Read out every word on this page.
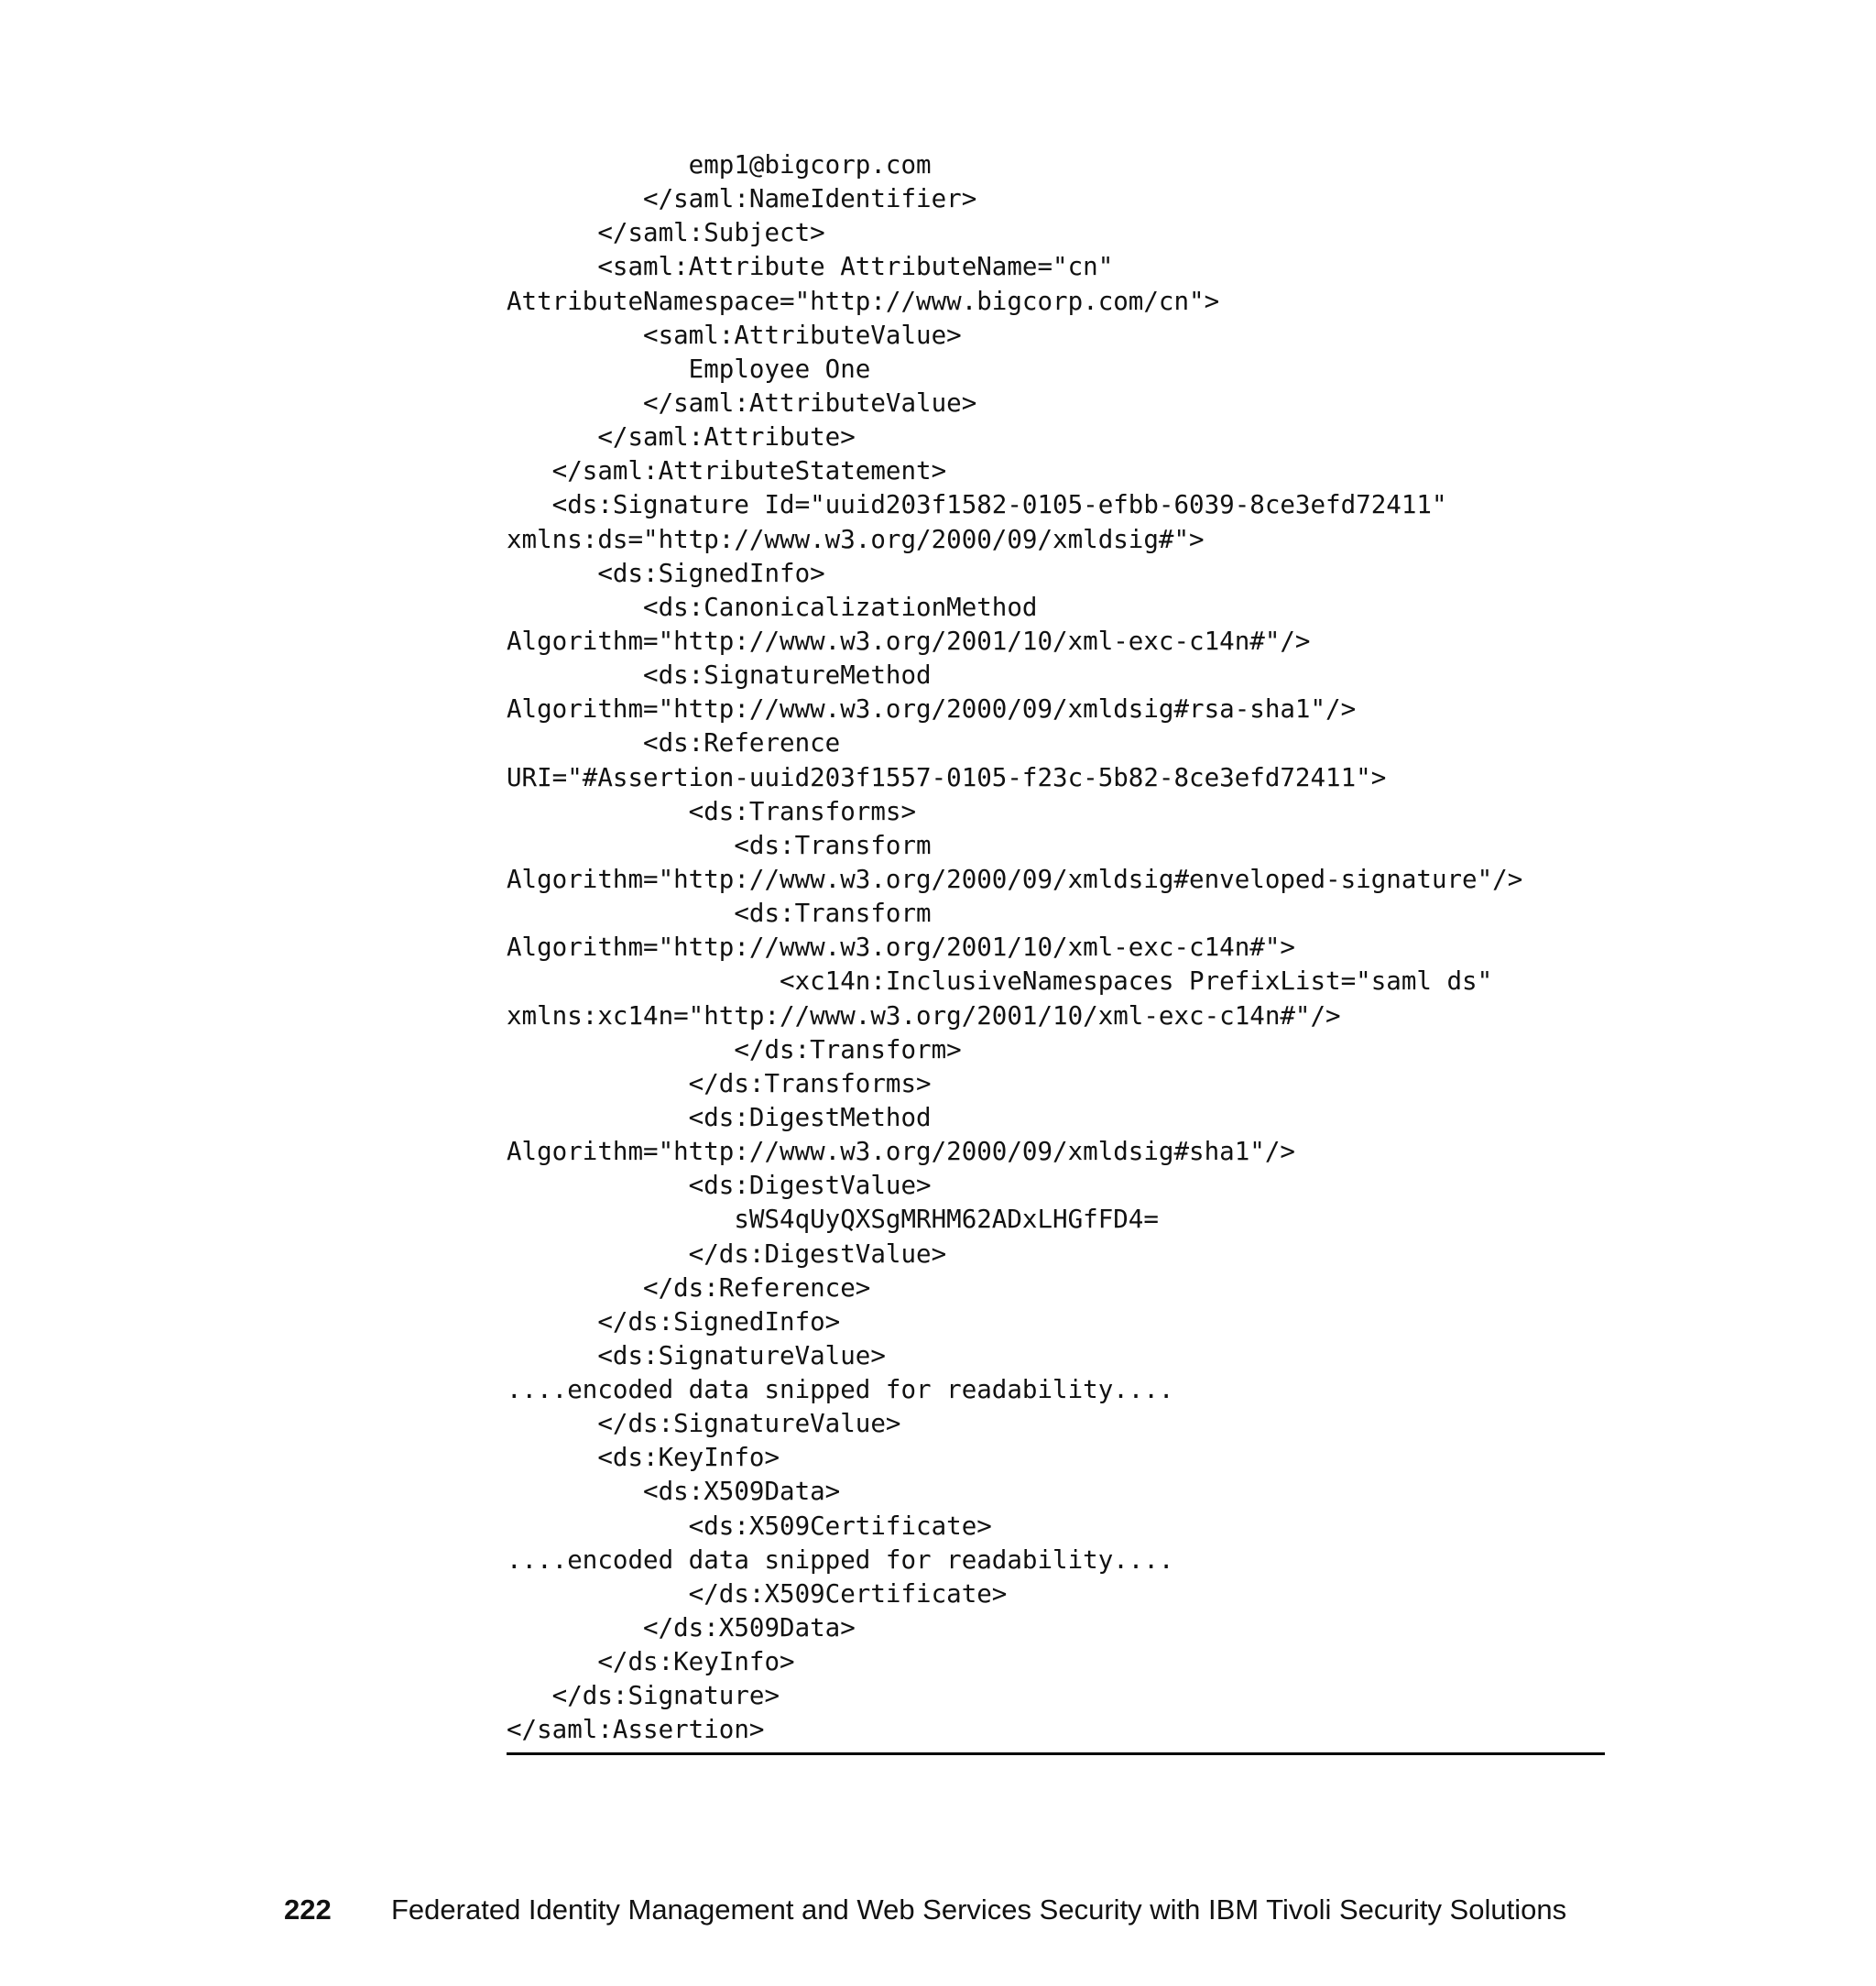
emp1@bigcorp.com
</saml:NameIdentifier>
</saml:Subject>
<saml:Attribute AttributeName="cn"
AttributeNamespace="http://www.bigcorp.com/cn">
<saml:AttributeValue>
Employee One
</saml:AttributeValue>
</saml:Attribute>
</saml:AttributeStatement>
<ds:Signature Id="uuid203f1582-0105-efbb-6039-8ce3efd72411"
xmlns:ds="http://www.w3.org/2000/09/xmldsig#">
<ds:SignedInfo>
<ds:CanonicalizationMethod
Algorithm="http://www.w3.org/2001/10/xml-exc-c14n#"/>
<ds:SignatureMethod
Algorithm="http://www.w3.org/2000/09/xmldsig#rsa-sha1"/>
<ds:Reference
URI="#Assertion-uuid203f1557-0105-f23c-5b82-8ce3efd72411">
<ds:Transforms>
<ds:Transform
Algorithm="http://www.w3.org/2000/09/xmldsig#enveloped-signature"/>
<ds:Transform
Algorithm="http://www.w3.org/2001/10/xml-exc-c14n#">
<xc14n:InclusiveNamespaces PrefixList="saml ds"
xmlns:xc14n="http://www.w3.org/2001/10/xml-exc-c14n#"/>
</ds:Transform>
</ds:Transforms>
<ds:DigestMethod
Algorithm="http://www.w3.org/2000/09/xmldsig#sha1"/>
<ds:DigestValue>
sWS4qUyQXSgMRHM62ADxLHGfFD4=
</ds:DigestValue>
</ds:Reference>
</ds:SignedInfo>
<ds:SignatureValue>
....encoded data snipped for readability....
</ds:SignatureValue>
<ds:KeyInfo>
<ds:X509Data>
<ds:X509Certificate>
....encoded data snipped for readability....
</ds:X509Certificate>
</ds:X509Data>
</ds:KeyInfo>
</ds:Signature>
</saml:Assertion>
222 Federated Identity Management and Web Services Security with IBM Tivoli Security Solutions
